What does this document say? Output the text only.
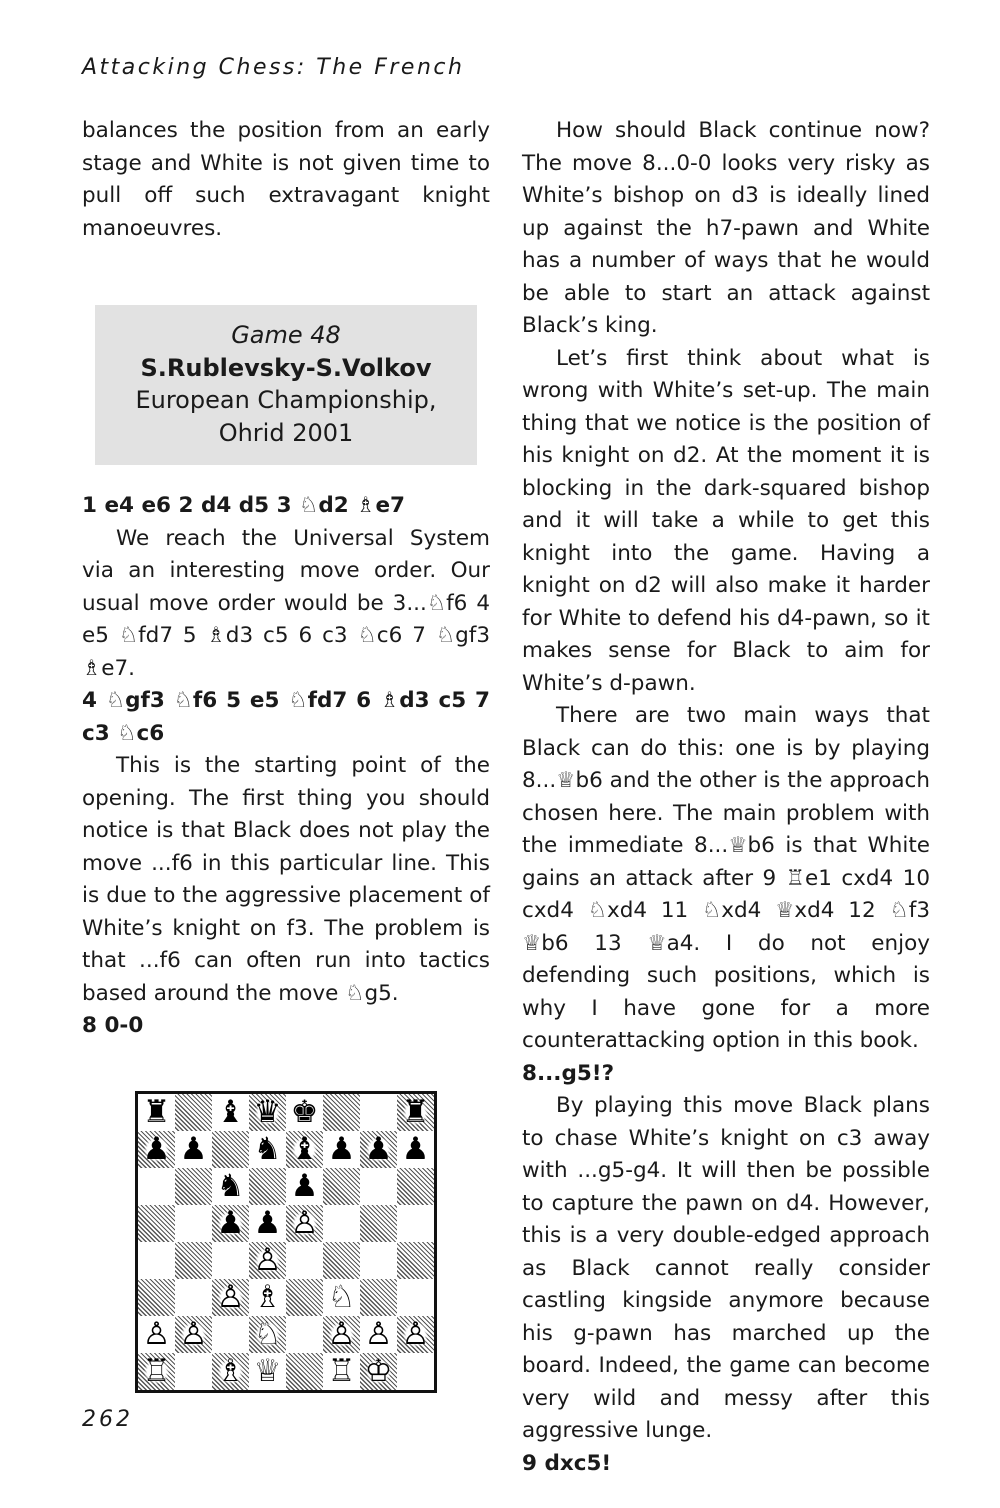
Attacking Chess: The French

balances the position from an early stage and White is not given time to pull off such extravagant knight manoeuvres.

Game 48
S.Rublevsky-S.Volkov
European Championship,
Ohrid 2001

1 e4 e6 2 d4 d5 3 ♘d2 ♗e7

We reach the Universal System via an interesting move order. Our usual move order would be 3...♘f6 4 e5 ♘fd7 5 ♗d3 c5 6 c3 ♘c6 7 ♘gf3 ♗e7.

4 ♘gf3 ♘f6 5 e5 ♘fd7 6 ♗d3 c5 7 c3 ♘c6

This is the starting point of the opening. The first thing you should notice is that Black does not play the move ...f6 in this particular line. This is due to the aggressive placement of White’s knight on f3. The problem is that ...f6 can often run into tactics based around the move ♘g5.

8 0-0

♜ ♝ ♛ ♚	♜
♟ ♟ ♞ ♝ ♟ ♟ ♟
♞ ♟
♟ ♟ ♙
♙
♙ ♗ ♘
♙ ♙ ♘ ♙ ♙ ♙
♖ ♗ ♕ ♖ ♔

How should Black continue now? The move 8...0-0 looks very risky as White’s bishop on d3 is ideally lined up against the h7-pawn and White has a number of ways that he would be able to start an attack against Black’s king.

Let’s first think about what is wrong with White’s set-up. The main thing that we notice is the position of his knight on d2. At the moment it is blocking in the dark-squared bishop and it will take a while to get this knight into the game. Having a knight on d2 will also make it harder for White to defend his d4-pawn, so it makes sense for Black to aim for White’s d-pawn.

There are two main ways that Black can do this: one is by playing 8...♕b6 and the other is the approach chosen here. The main problem with the immediate 8...♕b6 is that White gains an attack after 9 ♖e1 cxd4 10 cxd4 ♘xd4 11 ♘xd4 ♕xd4 12 ♘f3 ♕b6 13 ♕a4. I do not enjoy defending such positions, which is why I have gone for a more counterattacking option in this book.

8...g5!?

By playing this move Black plans to chase White’s knight on c3 away with ...g5-g4. It will then be possible to capture the pawn on d4. However, this is a very double-edged approach as Black cannot really consider castling kingside anymore because his g-pawn has marched up the board. Indeed, the game can become very wild and messy after this aggressive lunge.

9 dxc5!

262
